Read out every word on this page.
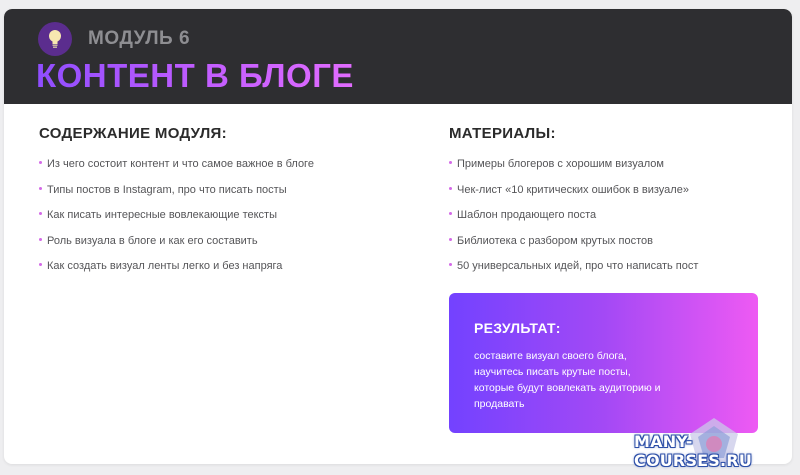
МОДУЛЬ 6
КОНТЕНТ В БЛОГЕ
СОДЕРЖАНИЕ МОДУЛЯ:
Из чего состоит контент и что самое важное в блоге
Типы постов в Instagram, про что писать посты
Как писать интересные вовлекающие тексты
Роль визуала в блоге и как его составить
Как создать визуал ленты легко и без напряга
МАТЕРИАЛЫ:
Примеры блогеров с хорошим визуалом
Чек-лист «10 критических ошибок в визуале»
Шаблон продающего поста
Библиотека с разбором крутых постов
50 универсальных идей, про что написать пост
РЕЗУЛЬТАТ:
составите визуал своего блога, научитесь писать крутые посты, которые будут вовлекать аудиторию и продавать
MANY-COURSES.RU
